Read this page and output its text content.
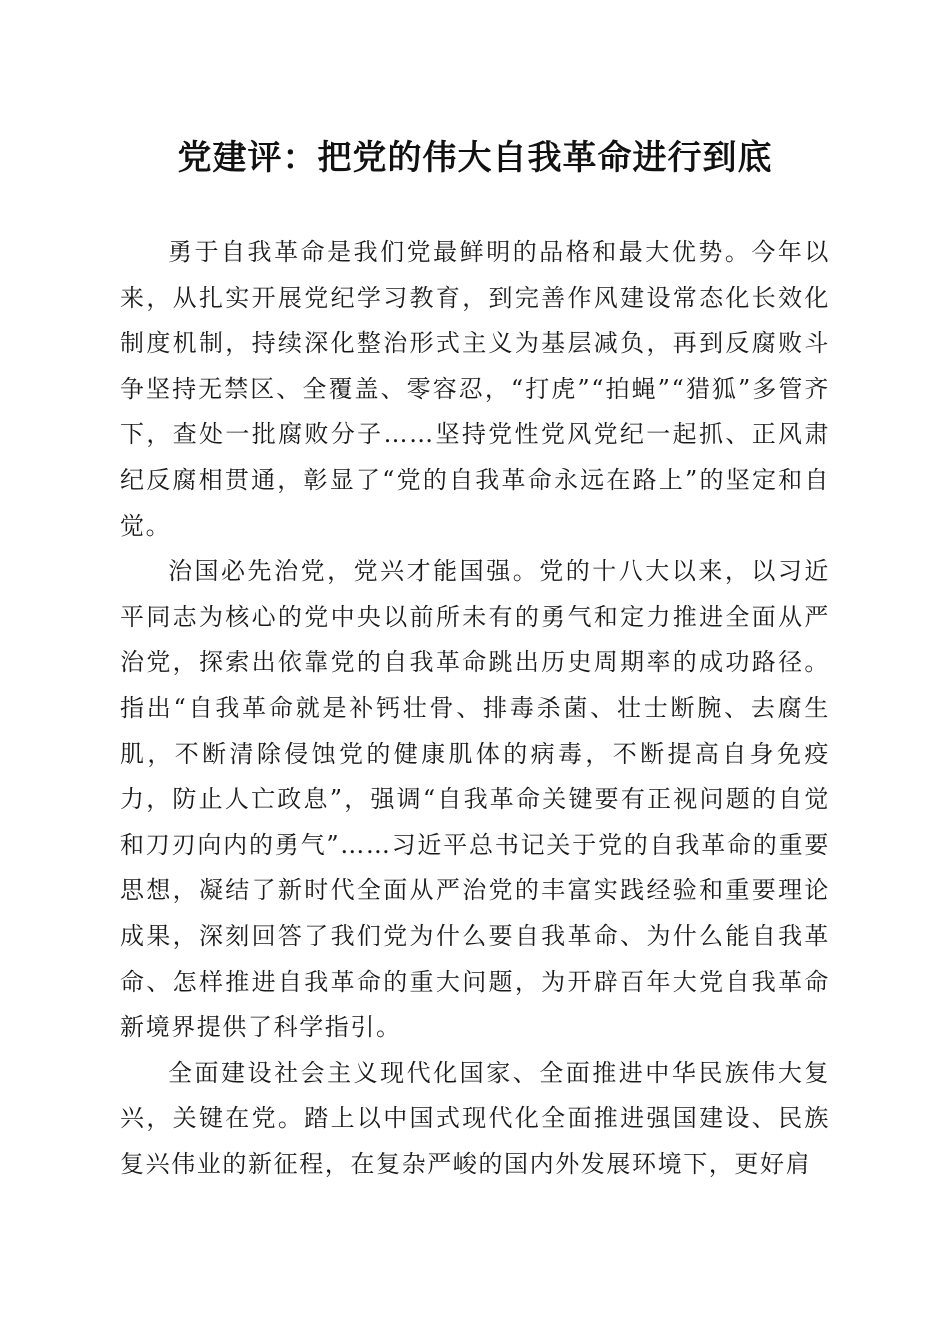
党建评：把党的伟大自我革命进行到底

勇于自我革命是我们党最鲜明的品格和最大优势。今年以来，从扎实开展党纪学习教育，到完善作风建设常态化长效化制度机制，持续深化整治形式主义为基层减负，再到反腐败斗争坚持无禁区、全覆盖、零容忍，“打虎”“拍蝇”“猎狐”多管齐下，查处一批腐败分子……坚持党性党风党纪一起抓、正风肃纪反腐相贯通，彰显了“党的自我革命永远在路上”的坚定和自觉。

治国必先治党，党兴才能国强。党的十八大以来，以习近平同志为核心的党中央以前所未有的勇气和定力推进全面从严治党，探索出依靠党的自我革命跳出历史周期率的成功路径。指出“自我革命就是补钙壮骨、排毒杀菌、壮士断腕、去腐生肌，不断清除侵蚀党的健康肌体的病毒，不断提高自身免疫力，防止人亡政息”，强调“自我革命关键要有正视问题的自觉和刀刃向内的勇气”……习近平总书记关于党的自我革命的重要思想，凝结了新时代全面从严治党的丰富实践经验和重要理论成果，深刻回答了我们党为什么要自我革命、为什么能自我革命、怎样推进自我革命的重大问题，为开辟百年大党自我革命新境界提供了科学指引。

全面建设社会主义现代化国家、全面推进中华民族伟大复兴，关键在党。踏上以中国式现代化全面推进强国建设、民族复兴伟业的新征程，在复杂严峻的国内外发展环境下，更好肩
